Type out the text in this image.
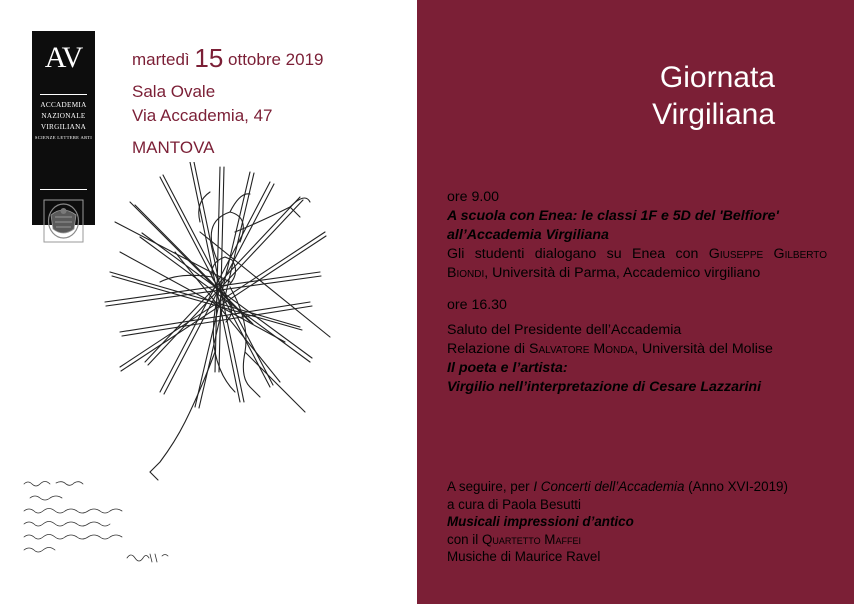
AV
ACCADEMIA
NAZIONALE
VIRGILIANA
SCIENZE LETTERE ARTI
martedì 15 ottobre 2019
Sala Ovale
Via Accademia, 47
MANTOVA
Giornata
Virgiliana

ore 9.00

A scuola con Enea: le classi 1F e 5D del 'Belfiore'
all’Accademia Virgiliana

Gli studenti dialogano su Enea con Giuseppe Gilberto Biondi, Università di Parma, Accademico virgiliano

ore 16.30

Saluto del Presidente dell’Accademia

Relazione di Salvatore Monda, Università del Molise

Il poeta e l’artista:
Virgilio nell’interpretazione di Cesare Lazzarini

A seguire, per I Concerti dell’Accademia (Anno XVI-2019)

a cura di Paola Besutti

Musicali impressioni d’antico

con il Quartetto Maffei

Musiche di Maurice Ravel
